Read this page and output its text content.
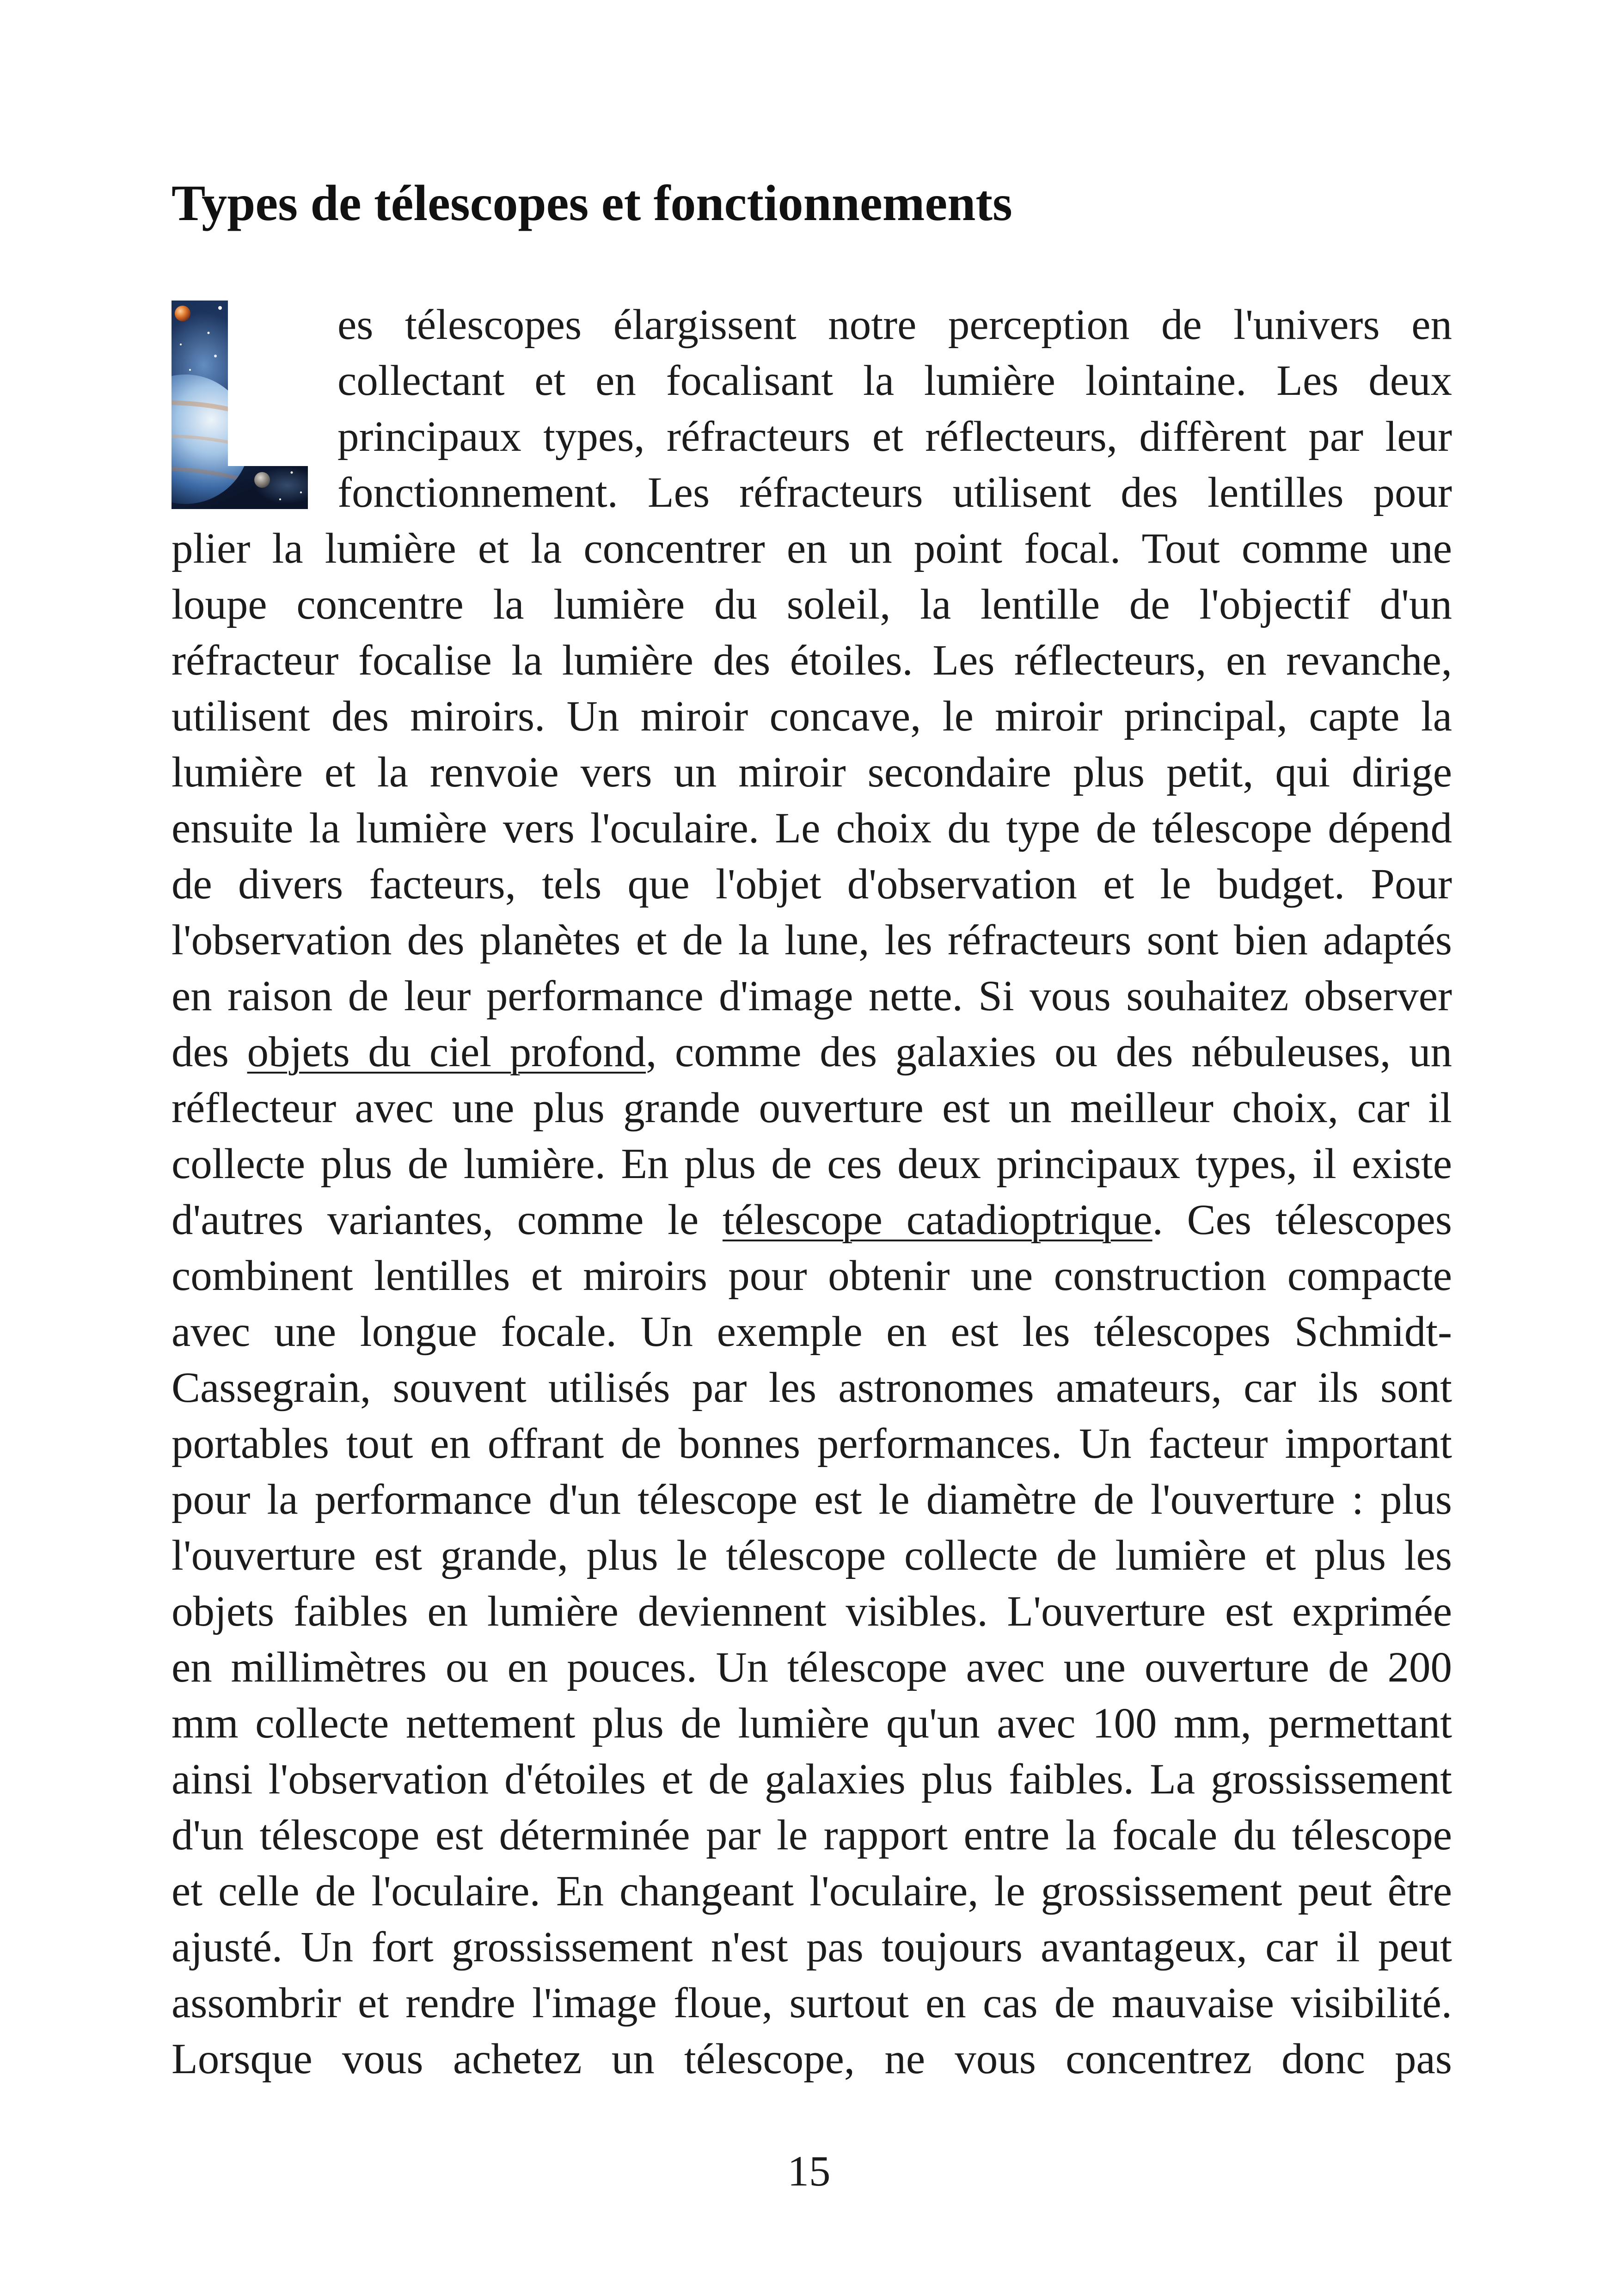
Types de télescopes et fonctionnements
es télescopes élargissent notre perception de l'univers en
collectant et en focalisant la lumière lointaine. Les deux
principaux types, réfracteurs et réflecteurs, diffèrent par leur
fonctionnement. Les réfracteurs utilisent des lentilles pour
plier la lumière et la concentrer en un point focal. Tout comme une
loupe concentre la lumière du soleil, la lentille de l'objectif d'un
réfracteur focalise la lumière des étoiles. Les réflecteurs, en revanche,
utilisent des miroirs. Un miroir concave, le miroir principal, capte la
lumière et la renvoie vers un miroir secondaire plus petit, qui dirige
ensuite la lumière vers l'oculaire. Le choix du type de télescope dépend
de divers facteurs, tels que l'objet d'observation et le budget. Pour
l'observation des planètes et de la lune, les réfracteurs sont bien adaptés
en raison de leur performance d'image nette. Si vous souhaitez observer
des objets du ciel profond, comme des galaxies ou des nébuleuses, un
réflecteur avec une plus grande ouverture est un meilleur choix, car il
collecte plus de lumière. En plus de ces deux principaux types, il existe
d'autres variantes, comme le télescope catadioptrique. Ces télescopes
combinent lentilles et miroirs pour obtenir une construction compacte
avec une longue focale. Un exemple en est les télescopes Schmidt-
Cassegrain, souvent utilisés par les astronomes amateurs, car ils sont
portables tout en offrant de bonnes performances. Un facteur important
pour la performance d'un télescope est le diamètre de l'ouverture : plus
l'ouverture est grande, plus le télescope collecte de lumière et plus les
objets faibles en lumière deviennent visibles. L'ouverture est exprimée
en millimètres ou en pouces. Un télescope avec une ouverture de 200
mm collecte nettement plus de lumière qu'un avec 100 mm, permettant
ainsi l'observation d'étoiles et de galaxies plus faibles. La grossissement
d'un télescope est déterminée par le rapport entre la focale du télescope
et celle de l'oculaire. En changeant l'oculaire, le grossissement peut être
ajusté. Un fort grossissement n'est pas toujours avantageux, car il peut
assombrir et rendre l'image floue, surtout en cas de mauvaise visibilité.
Lorsque vous achetez un télescope, ne vous concentrez donc pas
15
